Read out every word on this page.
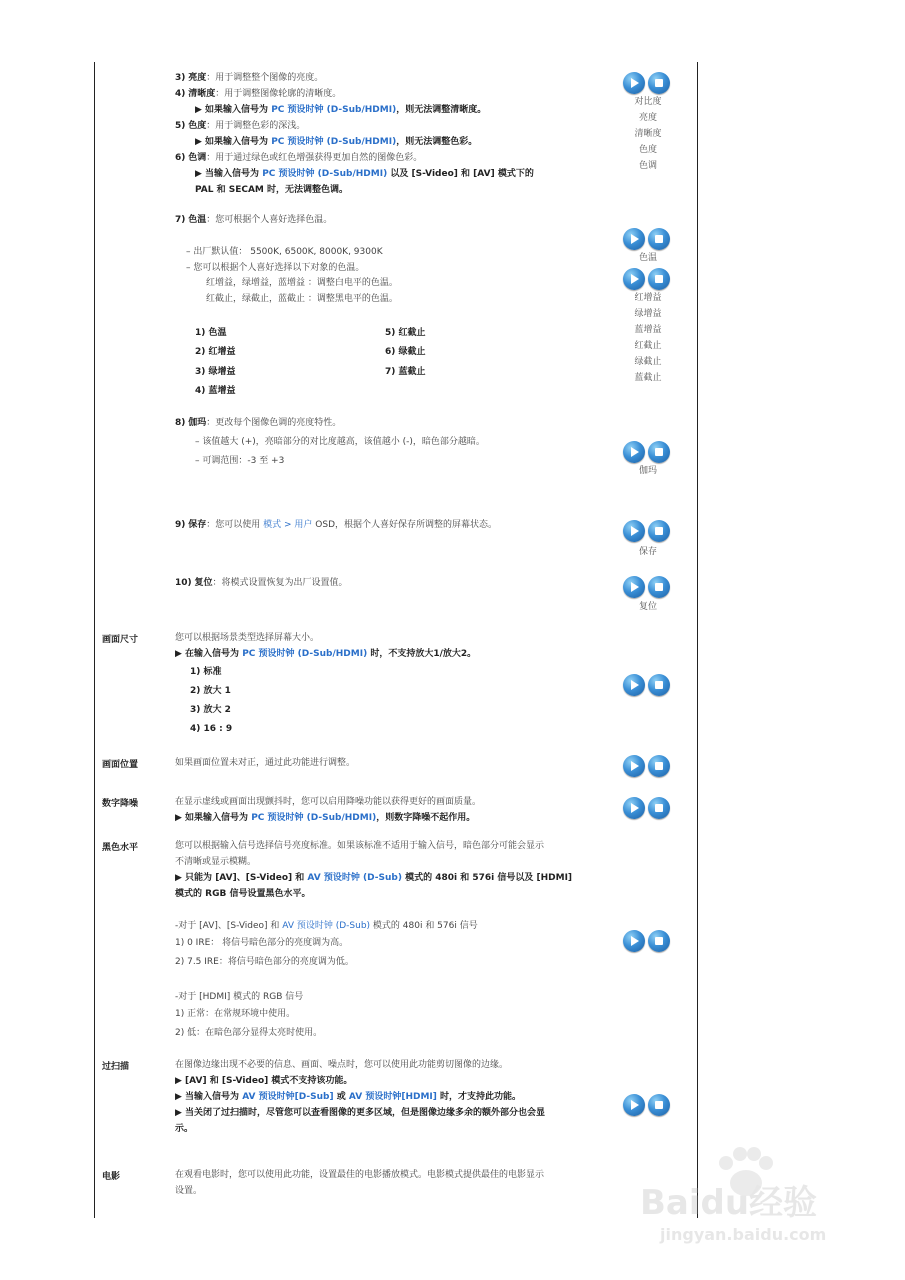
3) 亮度：用于调整整个图像的亮度。
4) 清晰度：用于调整图像轮廓的清晰度。
▶ 如果输入信号为 PC 预设时钟 (D-Sub/HDMI)，则无法调整清晰度。
5) 色度：用于调整色彩的深浅。
▶ 如果输入信号为 PC 预设时钟 (D-Sub/HDMI)，则无法调整色彩。
6) 色调：用于通过绿色或红色增强获得更加自然的图像色彩。
▶ 当输入信号为 PC 预设时钟 (D-Sub/HDMI) 以及 [S-Video] 和 [AV] 模式下的
PAL 和 SECAM 时，无法调整色调。
对比度
亮度
清晰度
色度
色调
7) 色温：您可根据个人喜好选择色温。
– 出厂默认值： 5500K, 6500K, 8000K, 9300K
– 您可以根据个人喜好选择以下对象的色温。
红增益，绿增益，蓝增益 ：调整白电平的色温。
红截止，绿截止，蓝截止 ：调整黑电平的色温。
1) 色温
2) 红增益
3) 绿增益
4) 蓝增益
5) 红截止
6) 绿截止
7) 蓝截止
色温
红增益
绿增益
蓝增益
红截止
绿截止
蓝截止
8) 伽玛：更改每个图像色调的亮度特性。
– 该值越大 (+)，亮暗部分的对比度越高，该值越小 (-)，暗色部分越暗。
– 可调范围：-3 至 +3
伽玛
9) 保存：您可以使用 模式 > 用户 OSD，根据个人喜好保存所调整的屏幕状态。
保存
10) 复位：将模式设置恢复为出厂设置值。
复位
画面尺寸	您可以根据场景类型选择屏幕大小。
▶ 在输入信号为 PC 预设时钟 (D-Sub/HDMI) 时，不支持放大1/放大2。
1) 标准
2) 放大 1
3) 放大 2
4) 16 : 9
画面位置	如果画面位置未对正，通过此功能进行调整。
数字降噪	在显示虚线或画面出现颤抖时，您可以启用降噪功能以获得更好的画面质量。
▶ 如果输入信号为 PC 预设时钟 (D-Sub/HDMI)，则数字降噪不起作用。
黑色水平	您可以根据输入信号选择信号亮度标准。如果该标准不适用于输入信号，暗色部分可能会显示
不清晰或显示模糊。
▶ 只能为 [AV]、[S-Video] 和 AV 预设时钟 (D-Sub) 模式的 480i 和 576i 信号以及 [HDMI]
模式的 RGB 信号设置黑色水平。
-对于 [AV]、[S-Video] 和 AV 预设时钟 (D-Sub) 模式的 480i 和 576i 信号
1) 0 IRE： 将信号暗色部分的亮度调为高。
2) 7.5 IRE：将信号暗色部分的亮度调为低。
-对于 [HDMI] 模式的 RGB 信号
1) 正常：在常规环境中使用。
2) 低：在暗色部分显得太亮时使用。
过扫描	在图像边缘出现不必要的信息、画面、噪点时，您可以使用此功能剪切图像的边缘。
▶ [AV] 和 [S-Video] 模式不支持该功能。
▶ 当输入信号为 AV 预设时钟[D-Sub] 或 AV 预设时钟[HDMI] 时，才支持此功能。
▶ 当关闭了过扫描时，尽管您可以查看图像的更多区域，但是图像边缘多余的额外部分也会显
示。
电影	在观看电影时，您可以使用此功能，设置最佳的电影播放模式。电影模式提供最佳的电影显示
设置。	Baidu经验
jingyan.baidu.com
